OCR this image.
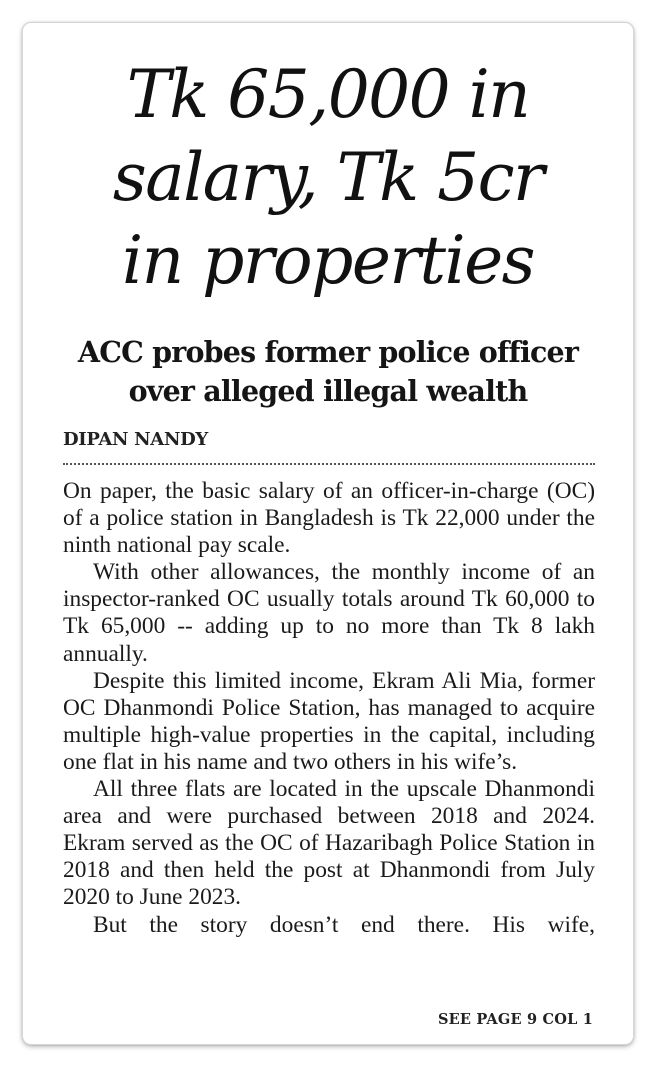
Tk 65,000 in
salary, Tk 5cr
in properties
ACC probes former police officer
over alleged illegal wealth
DIPAN NANDY

On paper, the basic salary of an officer-in-charge (OC) of a police station in Bangladesh is Tk 22,000 under the ninth national pay scale.

With other allowances, the monthly income of an inspector-ranked OC usually totals around Tk 60,000 to Tk 65,000 -- adding up to no more than Tk 8 lakh annually.

Despite this limited income, Ekram Ali Mia, former OC Dhanmondi Police Station, has managed to acquire multiple high-value properties in the capital, including one flat in his name and two others in his wife’s.

All three flats are located in the upscale Dhanmondi area and were purchased between 2018 and 2024. Ekram served as the OC of Hazaribagh Police Station in 2018 and then held the post at Dhanmondi from July 2020 to June 2023.

But the story doesn’t end there. His wife,

SEE PAGE 9 COL 1
